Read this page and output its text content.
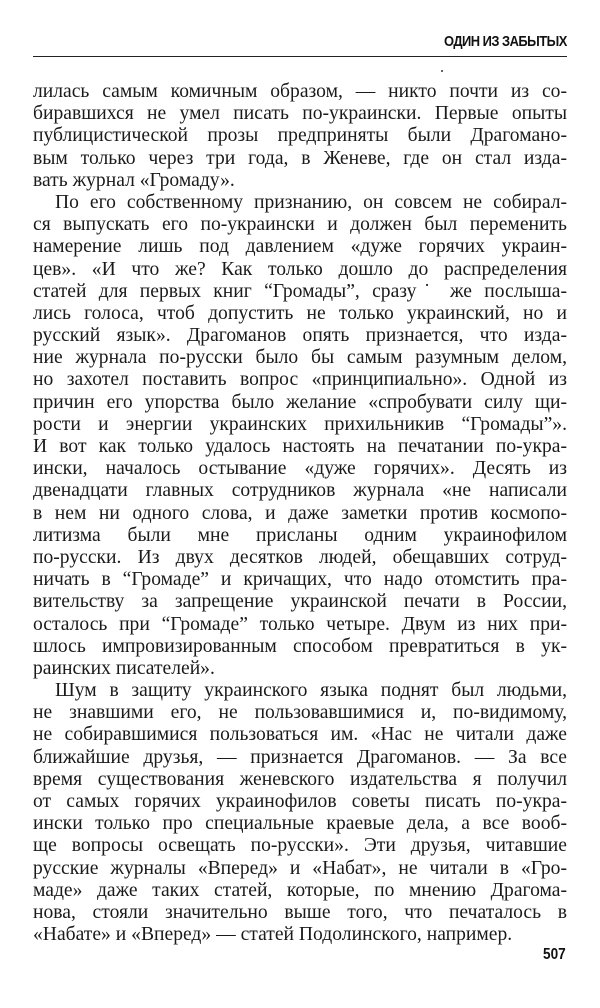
ОДИН ИЗ ЗАБЫТЫХ
лилась самым комичным образом, — никто почти из со-
биравшихся не умел писать по-украински. Первые опыты
публицистической прозы предприняты были Драгомано-
вым только через три года, в Женеве, где он стал изда-
вать журнал «Громаду».
По его собственному признанию, он совсем не собирал-
ся выпускать его по-украински и должен был переменить
намерение лишь под давлением «дуже горячих украин-
цев». «И что же? Как только дошло до распределения
статей для первых книг “Громады”, сразу˙ же послыша-
лись голоса, чтоб допустить не только украинский, но и
русский язык». Драгоманов опять признается, что изда-
ние журнала по-русски было бы самым разумным делом,
но захотел поставить вопрос «принципиально». Одной из
причин его упорства было желание «спробувати силу щи-
рости и энергии украинских прихильникив “Громады”».
И вот как только удалось настоять на печатании по-укра-
ински, началось остывание «дуже горячих». Десять из
двенадцати главных сотрудников журнала «не написали
в нем ни одного слова, и даже заметки против космопо-
литизма были мне присланы одним украинофилом
по-русски. Из двух десятков людей, обещавших сотруд-
ничать в “Громаде” и кричащих, что надо отомстить пра-
вительству за запрещение украинской печати в России,
осталось при “Громаде” только четыре. Двум из них при-
шлось импровизированным способом превратиться в ук-
раинских писателей».
Шум в защиту украинского языка поднят был людьми,
не знавшими его, не пользовавшимися и, по-видимому,
не собиравшимися пользоваться им. «Нас не читали даже
ближайшие друзья, — признается Драгоманов. — За все
время существования женевского издательства я получил
от самых горячих украинофилов советы писать по-укра-
ински только про специальные краевые дела, а все вооб-
ще вопросы освещать по-русски». Эти друзья, читавшие
русские журналы «Вперед» и «Набат», не читали в «Гро-
маде» даже таких статей, которые, по мнению Драгома-
нова, стояли значительно выше того, что печаталось в
«Набате» и «Вперед» — статей Подолинского, например.
507
